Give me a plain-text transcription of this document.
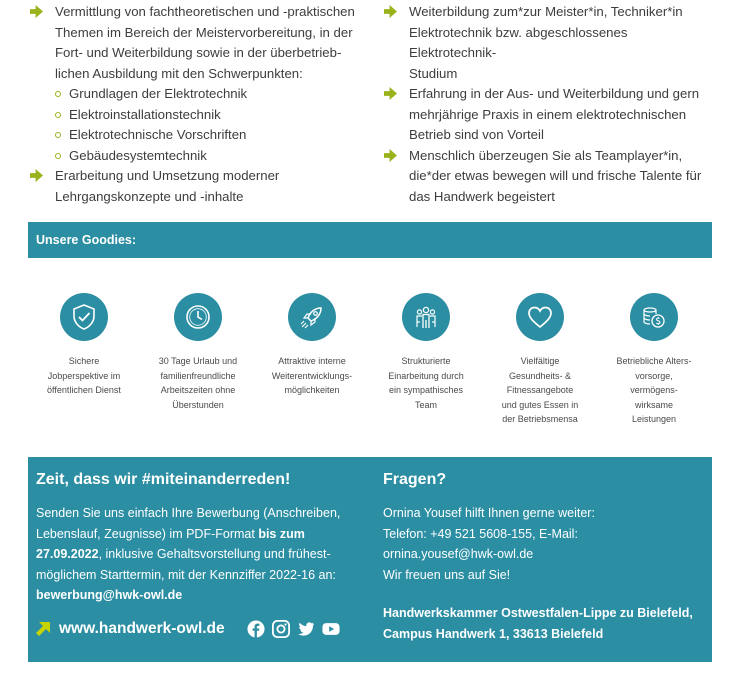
Vermittlung von fachtheoretischen und -praktischen
Themen im Bereich der Meistervorbereitung, in der
Fort- und Weiterbildung sowie in der überbetrieb-
lichen Ausbildung mit den Schwerpunkten:
Grundlagen der Elektrotechnik
Elektroinstallationstechnik
Elektrotechnische Vorschriften
Gebäudesystemtechnik
Erarbeitung und Umsetzung moderner
Lehrgangskonzepte und -inhalte
Weiterbildung zum*zur Meister*in, Techniker*in
Elektrotechnik bzw. abgeschlossenes Elektrotechnik-
Studium
Erfahrung in der Aus- und Weiterbildung und gern
mehrjährige Praxis in einem elektrotechnischen
Betrieb sind von Vorteil
Menschlich überzeugen Sie als Teamplayer*in,
die*der etwas bewegen will und frische Talente für
das Handwerk begeistert
Unsere Goodies:
Sichere
Jobperspektive im
öffentlichen Dienst
30 Tage Urlaub und
familienfreundliche
Arbeitszeiten ohne
Überstunden
Attraktive interne
Weiterentwicklungs-
möglichkeiten
Strukturierte
Einarbeitung durch
ein sympathisches
Team
Vielfältige
Gesundheits- &
Fitnessangebote
und gutes Essen in
der Betriebsmensa
Betriebliche Alters-
vorsorge,
vermögens-
wirksame
Leistungen
Zeit, dass wir #miteinanderreden!
Senden Sie uns einfach Ihre Bewerbung (Anschreiben, Lebenslauf, Zeugnisse) im PDF-Format bis zum 27.09.2022, inklusive Gehaltsvorstellung und frühest-möglichem Starttermin, mit der Kennziffer 2022-16 an: bewerbung@hwk-owl.de
www.handwerk-owl.de
Fragen?
Ornina Yousef hilft Ihnen gerne weiter:
Telefon: +49 521 5608-155, E-Mail:
ornina.yousef@hwk-owl.de
Wir freuen uns auf Sie!
Handwerkskammer Ostwestfalen-Lippe zu Bielefeld,
Campus Handwerk 1, 33613 Bielefeld
